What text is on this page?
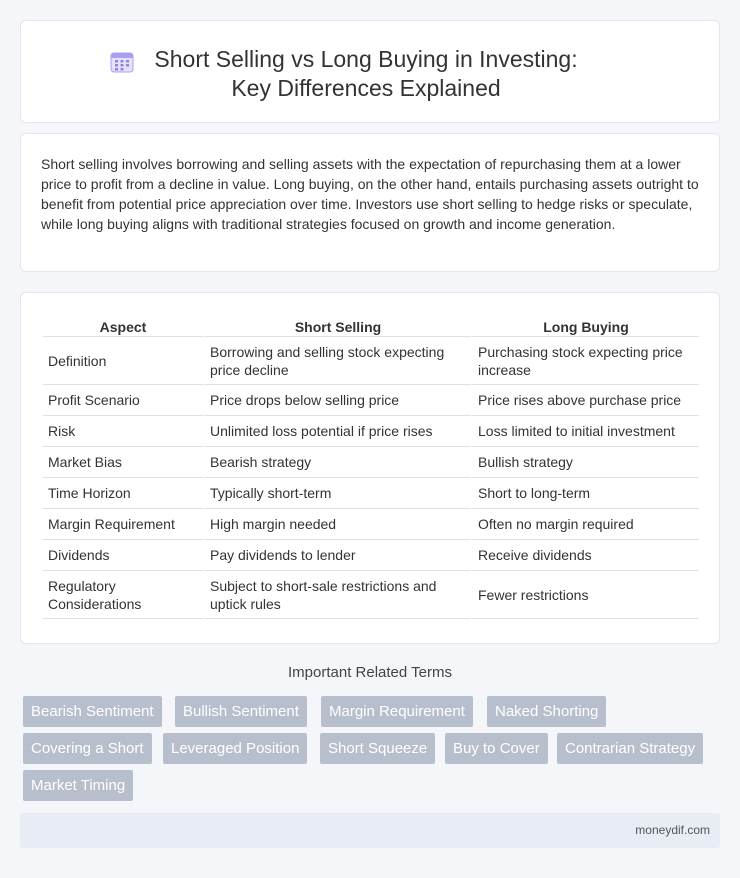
Short Selling vs Long Buying in Investing: Key Differences Explained

Short selling involves borrowing and selling assets with the expectation of repurchasing them at a lower price to profit from a decline in value. Long buying, on the other hand, entails purchasing assets outright to benefit from potential price appreciation over time. Investors use short selling to hedge risks or speculate, while long buying aligns with traditional strategies focused on growth and income generation.

Aspect	Short Selling	Long Buying
Definition	Borrowing and selling stock expecting price decline	Purchasing stock expecting price increase
Profit Scenario	Price drops below selling price	Price rises above purchase price
Risk	Unlimited loss potential if price rises	Loss limited to initial investment
Market Bias	Bearish strategy	Bullish strategy
Time Horizon	Typically short-term	Short to long-term
Margin Requirement	High margin needed	Often no margin required
Dividends	Pay dividends to lender	Receive dividends
Regulatory Considerations	Subject to short-sale restrictions and uptick rules	Fewer restrictions
Important Related Terms
Bearish Sentiment	Bullish Sentiment	Margin Requirement	Naked Shorting
Covering a Short	Leveraged Position	Short Squeeze	Buy to Cover	Contrarian Strategy
Market Timing
moneydif.com
